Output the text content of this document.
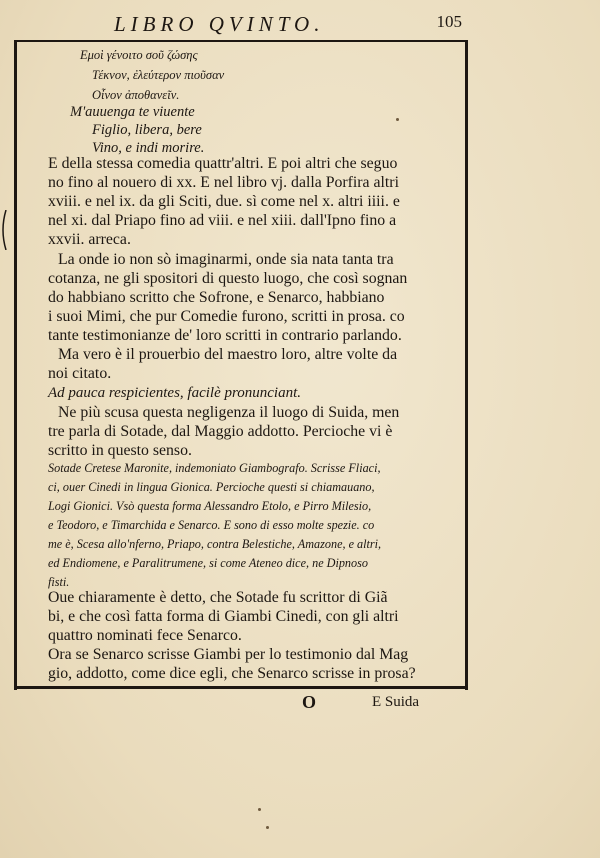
LIBRO QVINTO.	105
Εμοὶ γένοιτο σοῦ ζώσης
Τέκνον, ἐλεύτερον πιοῦσαν
Οἶνον ἀποθανεῖν.
M'auuenga te viuente
Figlio, libera, bere
Vino, e indi morire.
E della stessa comedia quattr'altri. E poi altri che seguo
no fino al nouero di xx. E nel libro vj. dalla Porfira altri
xviii. e nel ix. da gli Sciti, due. sì come nel x. altri iiii. e
nel xi. dal Priapo fino ad viii. e nel xiii. dall'Ipno fino a
xxvii. arreca.
La onde io non sò imaginarmi, onde sia nata tanta tra
cotanza, ne gli spositori di questo luogo, che così sognan
do habbiano scritto che Sofrone, e Senarco, habbiano
i suoi Mimi, che pur Comedie furono, scritti in prosa. co
tante testimonianze de' loro scritti in contrario parlando.
Ma vero è il prouerbio del maestro loro, altre volte da
noi citato.
Ad pauca respicientes, facilè pronunciant.
Ne più scusa questa negligenza il luogo di Suida, men
tre parla di Sotade, dal Maggio addotto. Percioche vi è
scritto in questo senso.
Sotade Cretese Maronite, indemoniato Giambografo. Scrisse Fliaci,
ci, ouer Cinedi in lingua Gionica. Percioche questi si chiamauano,
Logi Gionici. Vsò questa forma Alessandro Etolo, e Pirro Milesio,
e Teodoro, e Timarchida e Senarco. E sono di esso molte spezie. co
me è, Scesa allo'nferno, Priapo, contra Belestiche, Amazone, e altri,
ed Endiomene, e Paralitrumene, si come Ateneo dice, ne Dipnoso
fisti.
Oue chiaramente è detto, che Sotade fu scrittor di Giã
bi, e che così fatta forma di Giambi Cinedi, con gli altri
quattro nominati fece Senarco.
Ora se Senarco scrisse Giambi per lo testimonio dal Mag
gio, addotto, come dice egli, che Senarco scrisse in prosa?
O	E Suida
